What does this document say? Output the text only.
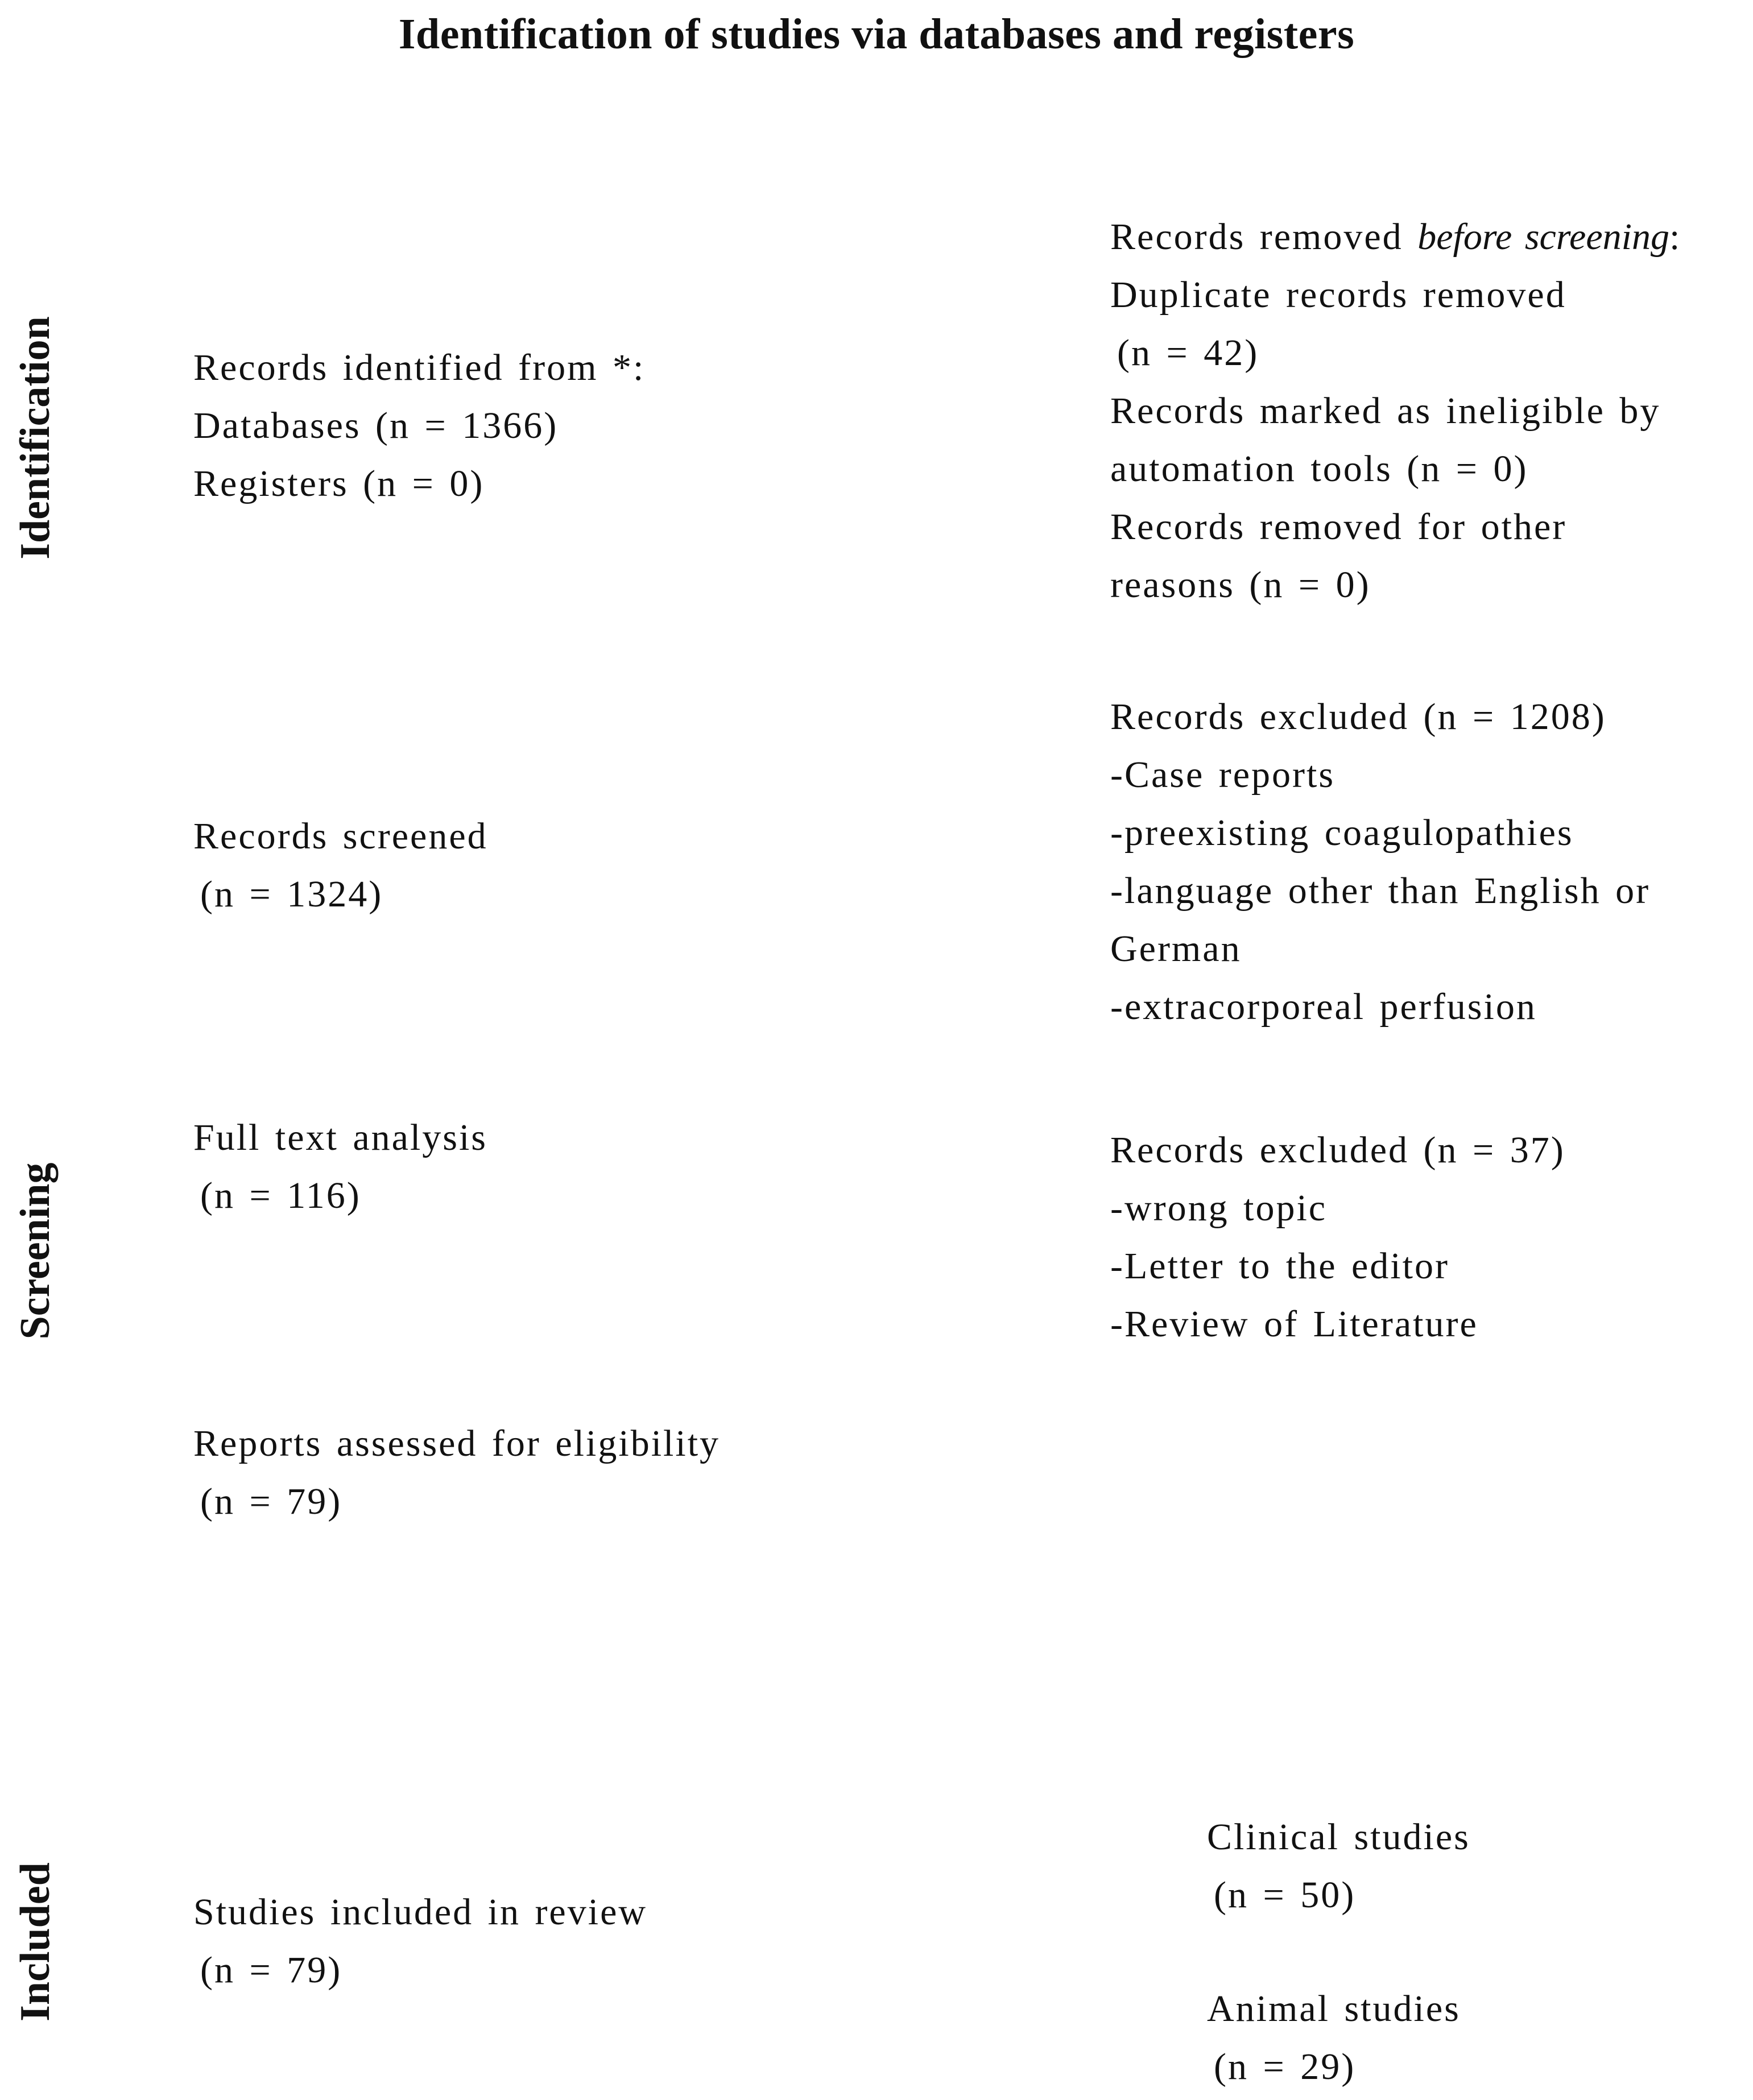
Identification of studies via databases and registers
Identification
Screening
Included
Records identified from *:
Databases (n = 1366)
Registers (n = 0)
Records removed before screening:
Duplicate records removed
(n = 42)
Records marked as ineligible by
automation tools (n = 0)
Records removed for other
reasons (n = 0)
Records screened
(n = 1324)
Records excluded (n = 1208)
-Case reports
-preexisting coagulopathies
-language other than English or
German
-extracorporeal perfusion
Full text analysis
(n = 116)
Records excluded (n = 37)
-wrong topic
-Letter to the editor
-Review of Literature
Reports assessed for eligibility
(n = 79)
Studies included in review
(n = 79)
Clinical studies
(n = 50)
Animal studies
(n = 29)
